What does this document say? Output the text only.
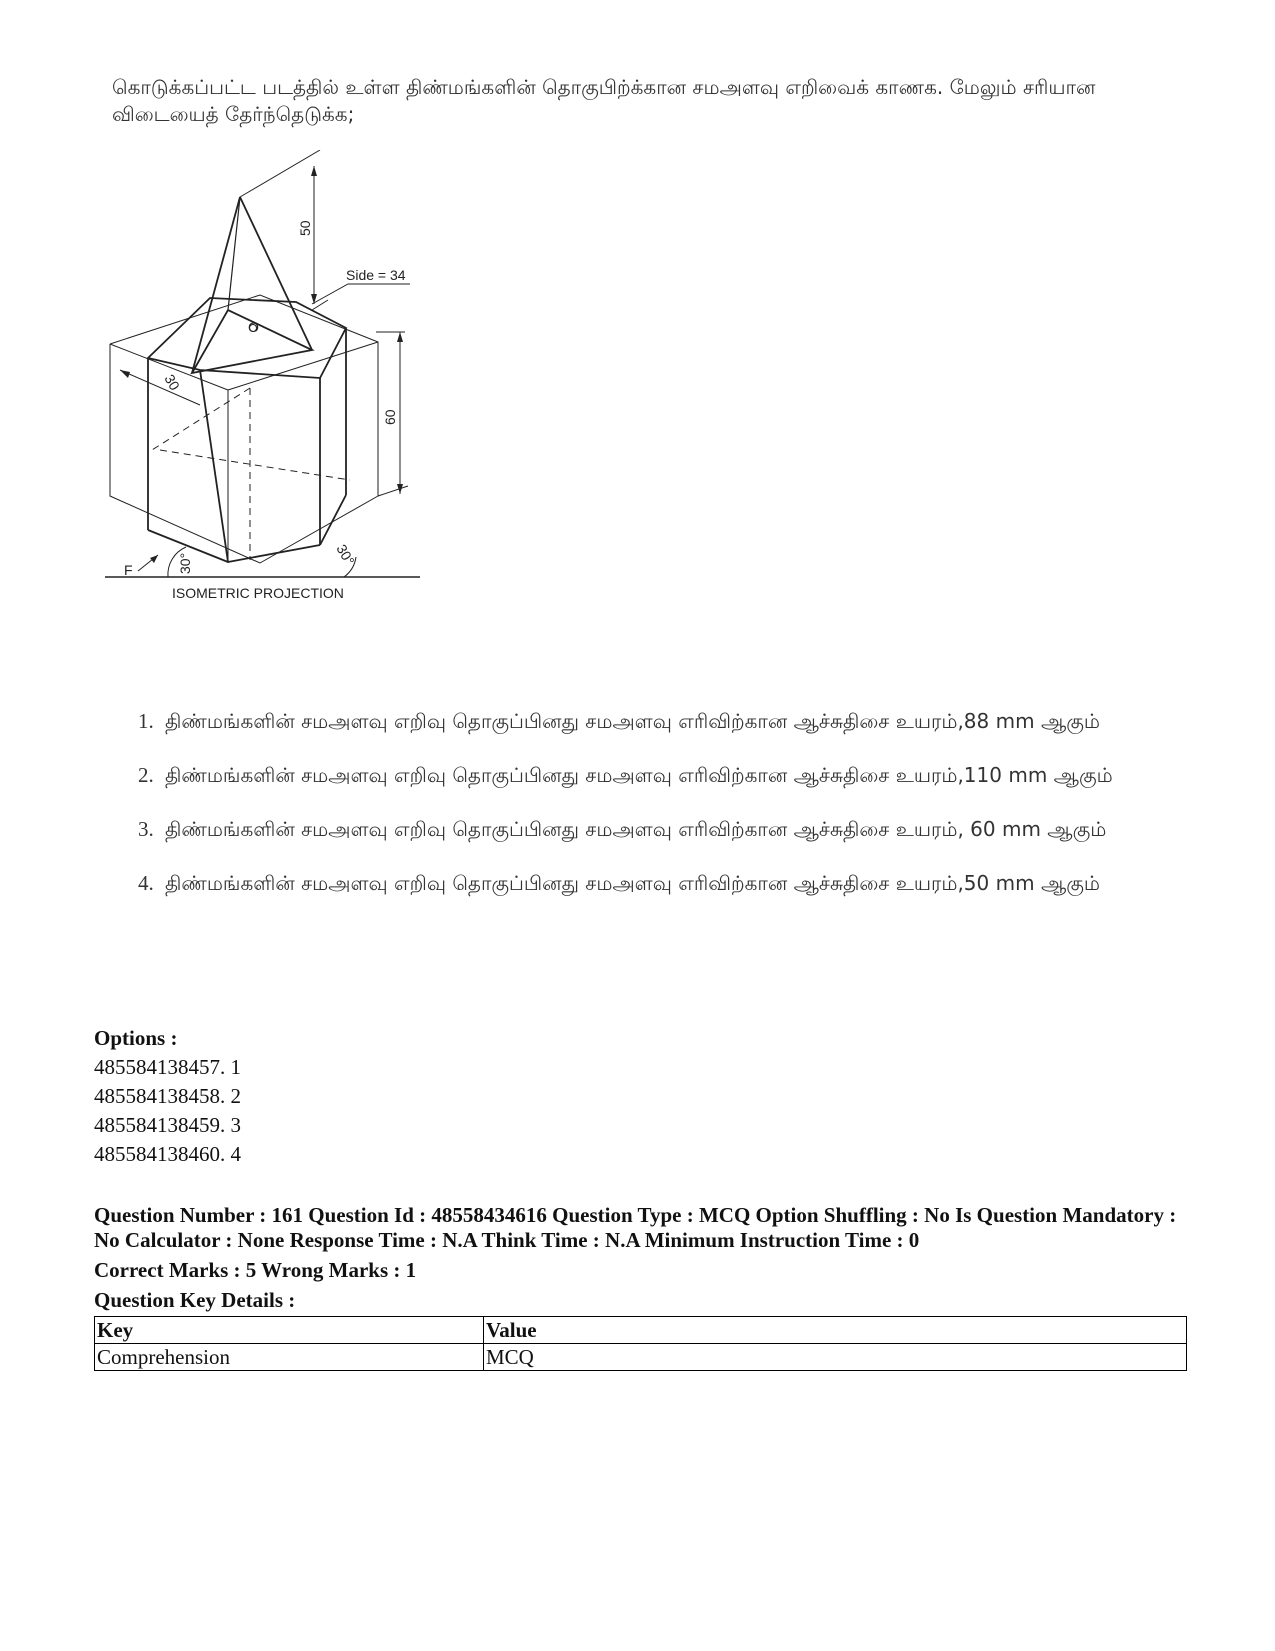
கொடுக்கப்பட்ட படத்தில் உள்ள திண்மங்களின் தொகுபிற்க்கான சமஅளவு எறிவைக் காணக. மேலும் சரியான விடையைத் தேர்ந்தெடுக்க;
50
Side = 34
O
30
60
30°	30°
F
ISOMETRIC PROJECTION
1. திண்மங்களின் சமஅளவு எறிவு தொகுப்பினது சமஅளவு எரிவிற்கான ஆச்சுதிசை உயரம்,88 mm ஆகும்
2. திண்மங்களின் சமஅளவு எறிவு தொகுப்பினது சமஅளவு எரிவிற்கான ஆச்சுதிசை உயரம்,110 mm ஆகும்
3. திண்மங்களின் சமஅளவு எறிவு தொகுப்பினது சமஅளவு எரிவிற்கான ஆச்சுதிசை உயரம், 60 mm ஆகும்
4. திண்மங்களின் சமஅளவு எறிவு தொகுப்பினது சமஅளவு எரிவிற்கான ஆச்சுதிசை உயரம்,50 mm ஆகும்
Options :
485584138457. 1
485584138458. 2
485584138459. 3
485584138460. 4

Question Number : 161 Question Id : 48558434616 Question Type : MCQ Option Shuffling : No Is Question Mandatory : No Calculator : None Response Time : N.A Think Time : N.A Minimum Instruction Time : 0

Correct Marks : 5 Wrong Marks : 1

Question Key Details :

Key	Value
Comprehension	MCQ
